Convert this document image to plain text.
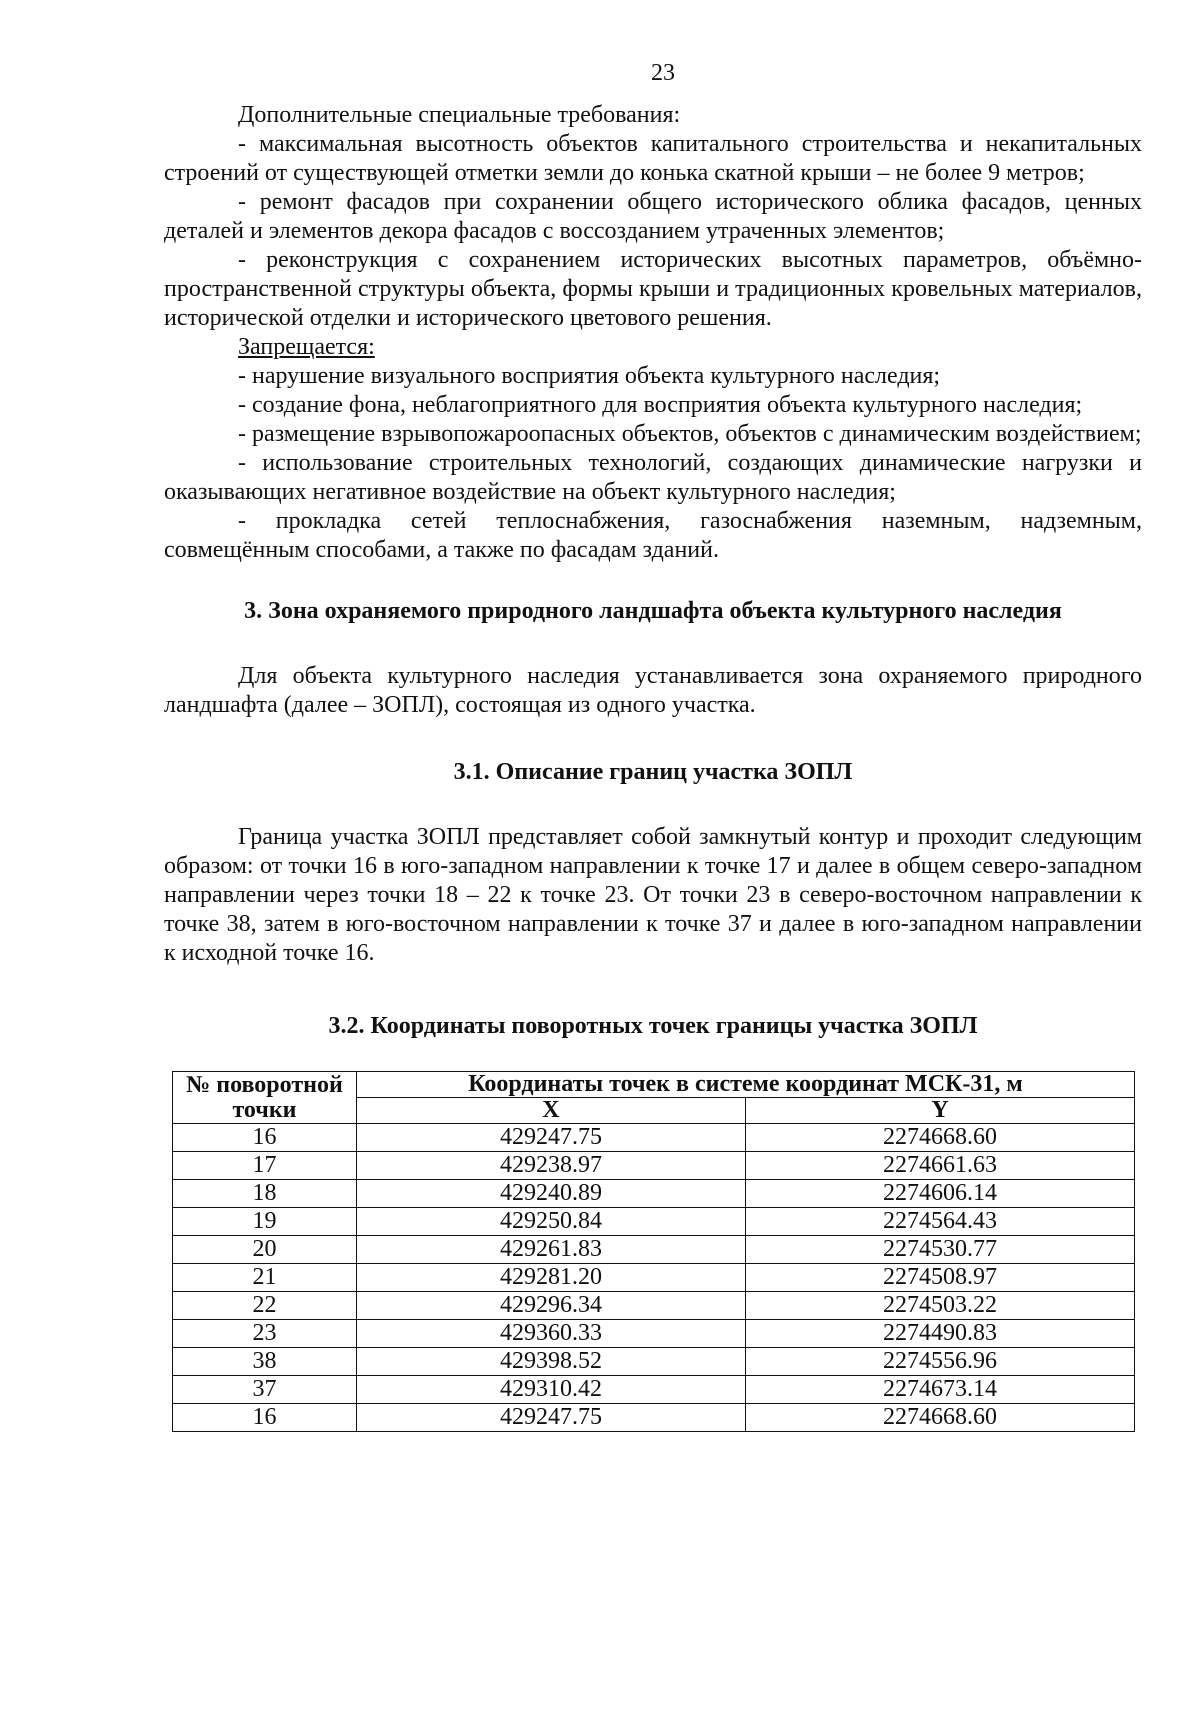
23

Дополнительные специальные требования:

- максимальная высотность объектов капитального строительства и некапитальных строений от существующей отметки земли до конька скатной крыши – не более 9 метров;

- ремонт фасадов при сохранении общего исторического облика фасадов, ценных деталей и элементов декора фасадов с воссозданием утраченных элементов;

- реконструкция с сохранением исторических высотных параметров, объёмно-пространственной структуры объекта, формы крыши и традиционных кровельных материалов, исторической отделки и исторического цветового решения.

Запрещается:

- нарушение визуального восприятия объекта культурного наследия;

- создание фона, неблагоприятного для восприятия объекта культурного наследия;

- размещение взрывопожароопасных объектов, объектов с динамическим воздействием;

- использование строительных технологий, создающих динамические нагрузки и оказывающих негативное воздействие на объект культурного наследия;

- прокладка сетей теплоснабжения, газоснабжения наземным, надземным, совмещённым способами, а также по фасадам зданий.

3. Зона охраняемого природного ландшафта объекта культурного наследия

Для объекта культурного наследия устанавливается зона охраняемого природного ландшафта (далее – ЗОПЛ), состоящая из одного участка.

3.1. Описание границ участка ЗОПЛ

Граница участка ЗОПЛ представляет собой замкнутый контур и проходит следующим образом: от точки 16 в юго-западном направлении к точке 17 и далее в общем северо-западном направлении через точки 18 – 22 к точке 23. От точки 23 в северо-восточном направлении к точке 38, затем в юго-восточном направлении к точке 37 и далее в юго-западном направлении к исходной точке 16.

3.2. Координаты поворотных точек границы участка ЗОПЛ
№ поворотной точки	Координаты точек в системе координат МСК-31, м	
	X	Y
16	429247.75	2274668.60
17	429238.97	2274661.63
18	429240.89	2274606.14
19	429250.84	2274564.43
20	429261.83	2274530.77
21	429281.20	2274508.97
22	429296.34	2274503.22
23	429360.33	2274490.83
38	429398.52	2274556.96
37	429310.42	2274673.14
16	429247.75	2274668.60
